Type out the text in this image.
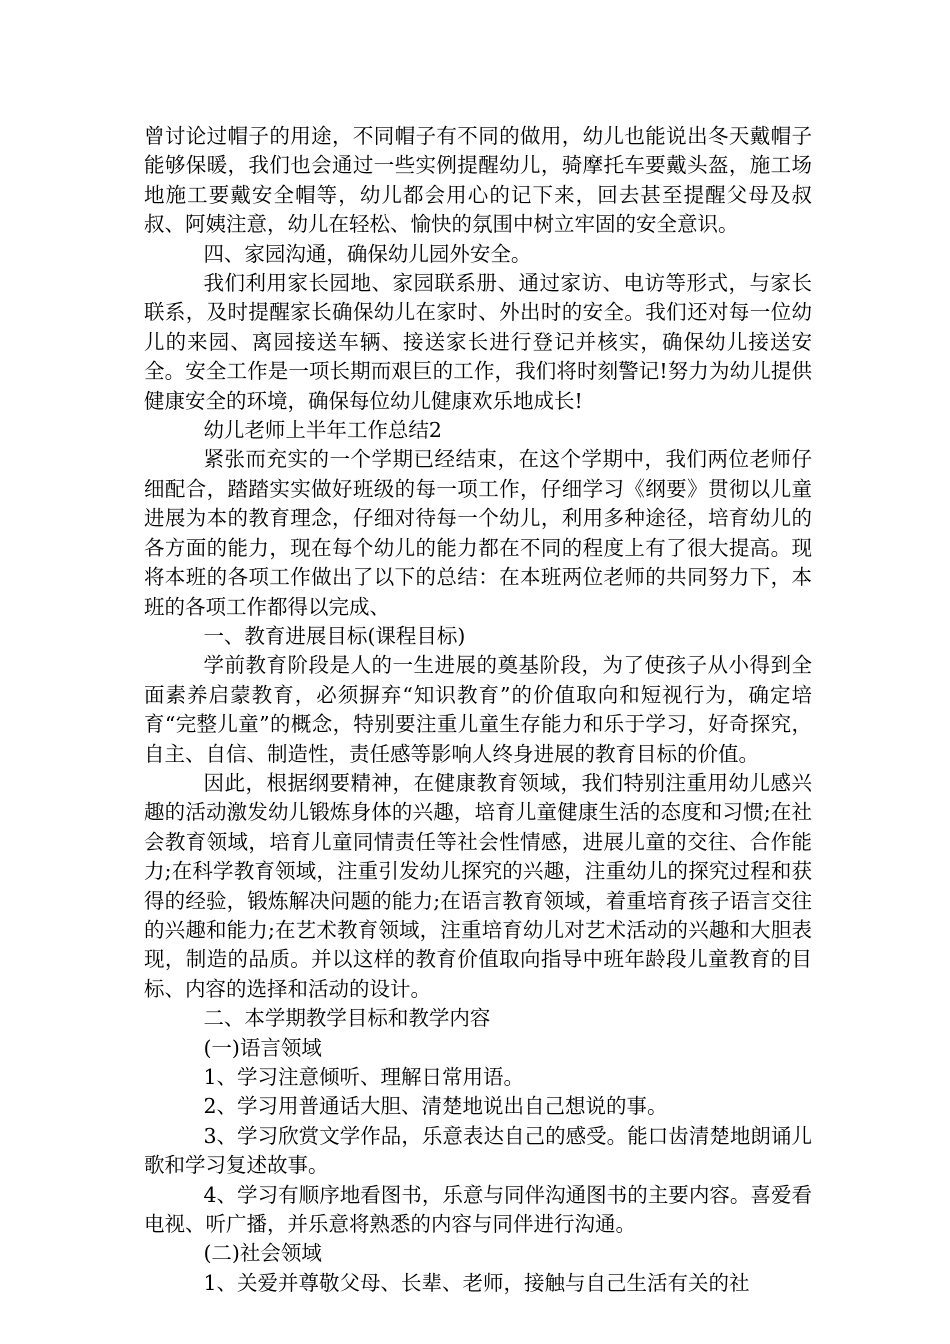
曾讨论过帽子的用途，不同帽子有不同的做用，幼儿也能说出冬天戴帽子能够保暖，我们也会通过一些实例提醒幼儿，骑摩托车要戴头盔，施工场地施工要戴安全帽等，幼儿都会用心的记下来，回去甚至提醒父母及叔叔、阿姨注意，幼儿在轻松、愉快的氛围中树立牢固的安全意识。

四、家园沟通，确保幼儿园外安全。

我们利用家长园地、家园联系册、通过家访、电访等形式，与家长联系，及时提醒家长确保幼儿在家时、外出时的安全。我们还对每一位幼儿的来园、离园接送车辆、接送家长进行登记并核实，确保幼儿接送安全。安全工作是一项长期而艰巨的工作，我们将时刻警记!努力为幼儿提供健康安全的环境，确保每位幼儿健康欢乐地成长!

幼儿老师上半年工作总结2

紧张而充实的一个学期已经结束，在这个学期中，我们两位老师仔细配合，踏踏实实做好班级的每一项工作，仔细学习《纲要》贯彻以儿童进展为本的教育理念，仔细对待每一个幼儿，利用多种途径，培育幼儿的各方面的能力，现在每个幼儿的能力都在不同的程度上有了很大提高。现将本班的各项工作做出了以下的总结：在本班两位老师的共同努力下，本班的各项工作都得以完成、

一、教育进展目标(课程目标)

学前教育阶段是人的一生进展的奠基阶段，为了使孩子从小得到全面素养启蒙教育，必须摒弃“知识教育”的价值取向和短视行为，确定培育“完整儿童”的概念，特别要注重儿童生存能力和乐于学习，好奇探究，自主、自信、制造性，责任感等影响人终身进展的教育目标的价值。

因此，根据纲要精神，在健康教育领域，我们特别注重用幼儿感兴趣的活动激发幼儿锻炼身体的兴趣，培育儿童健康生活的态度和习惯;在社会教育领域，培育儿童同情责任等社会性情感，进展儿童的交往、合作能力;在科学教育领域，注重引发幼儿探究的兴趣，注重幼儿的探究过程和获得的经验，锻炼解决问题的能力;在语言教育领域，着重培育孩子语言交往的兴趣和能力;在艺术教育领域，注重培育幼儿对艺术活动的兴趣和大胆表现，制造的品质。并以这样的教育价值取向指导中班年龄段儿童教育的目标、内容的选择和活动的设计。

二、本学期教学目标和教学内容

(一)语言领域

1、学习注意倾听、理解日常用语。

2、学习用普通话大胆、清楚地说出自己想说的事。

3、学习欣赏文学作品，乐意表达自己的感受。能口齿清楚地朗诵儿歌和学习复述故事。

4、学习有顺序地看图书，乐意与同伴沟通图书的主要内容。喜爱看电视、听广播，并乐意将熟悉的内容与同伴进行沟通。

(二)社会领域

1、关爱并尊敬父母、长辈、老师，接触与自己生活有关的社
